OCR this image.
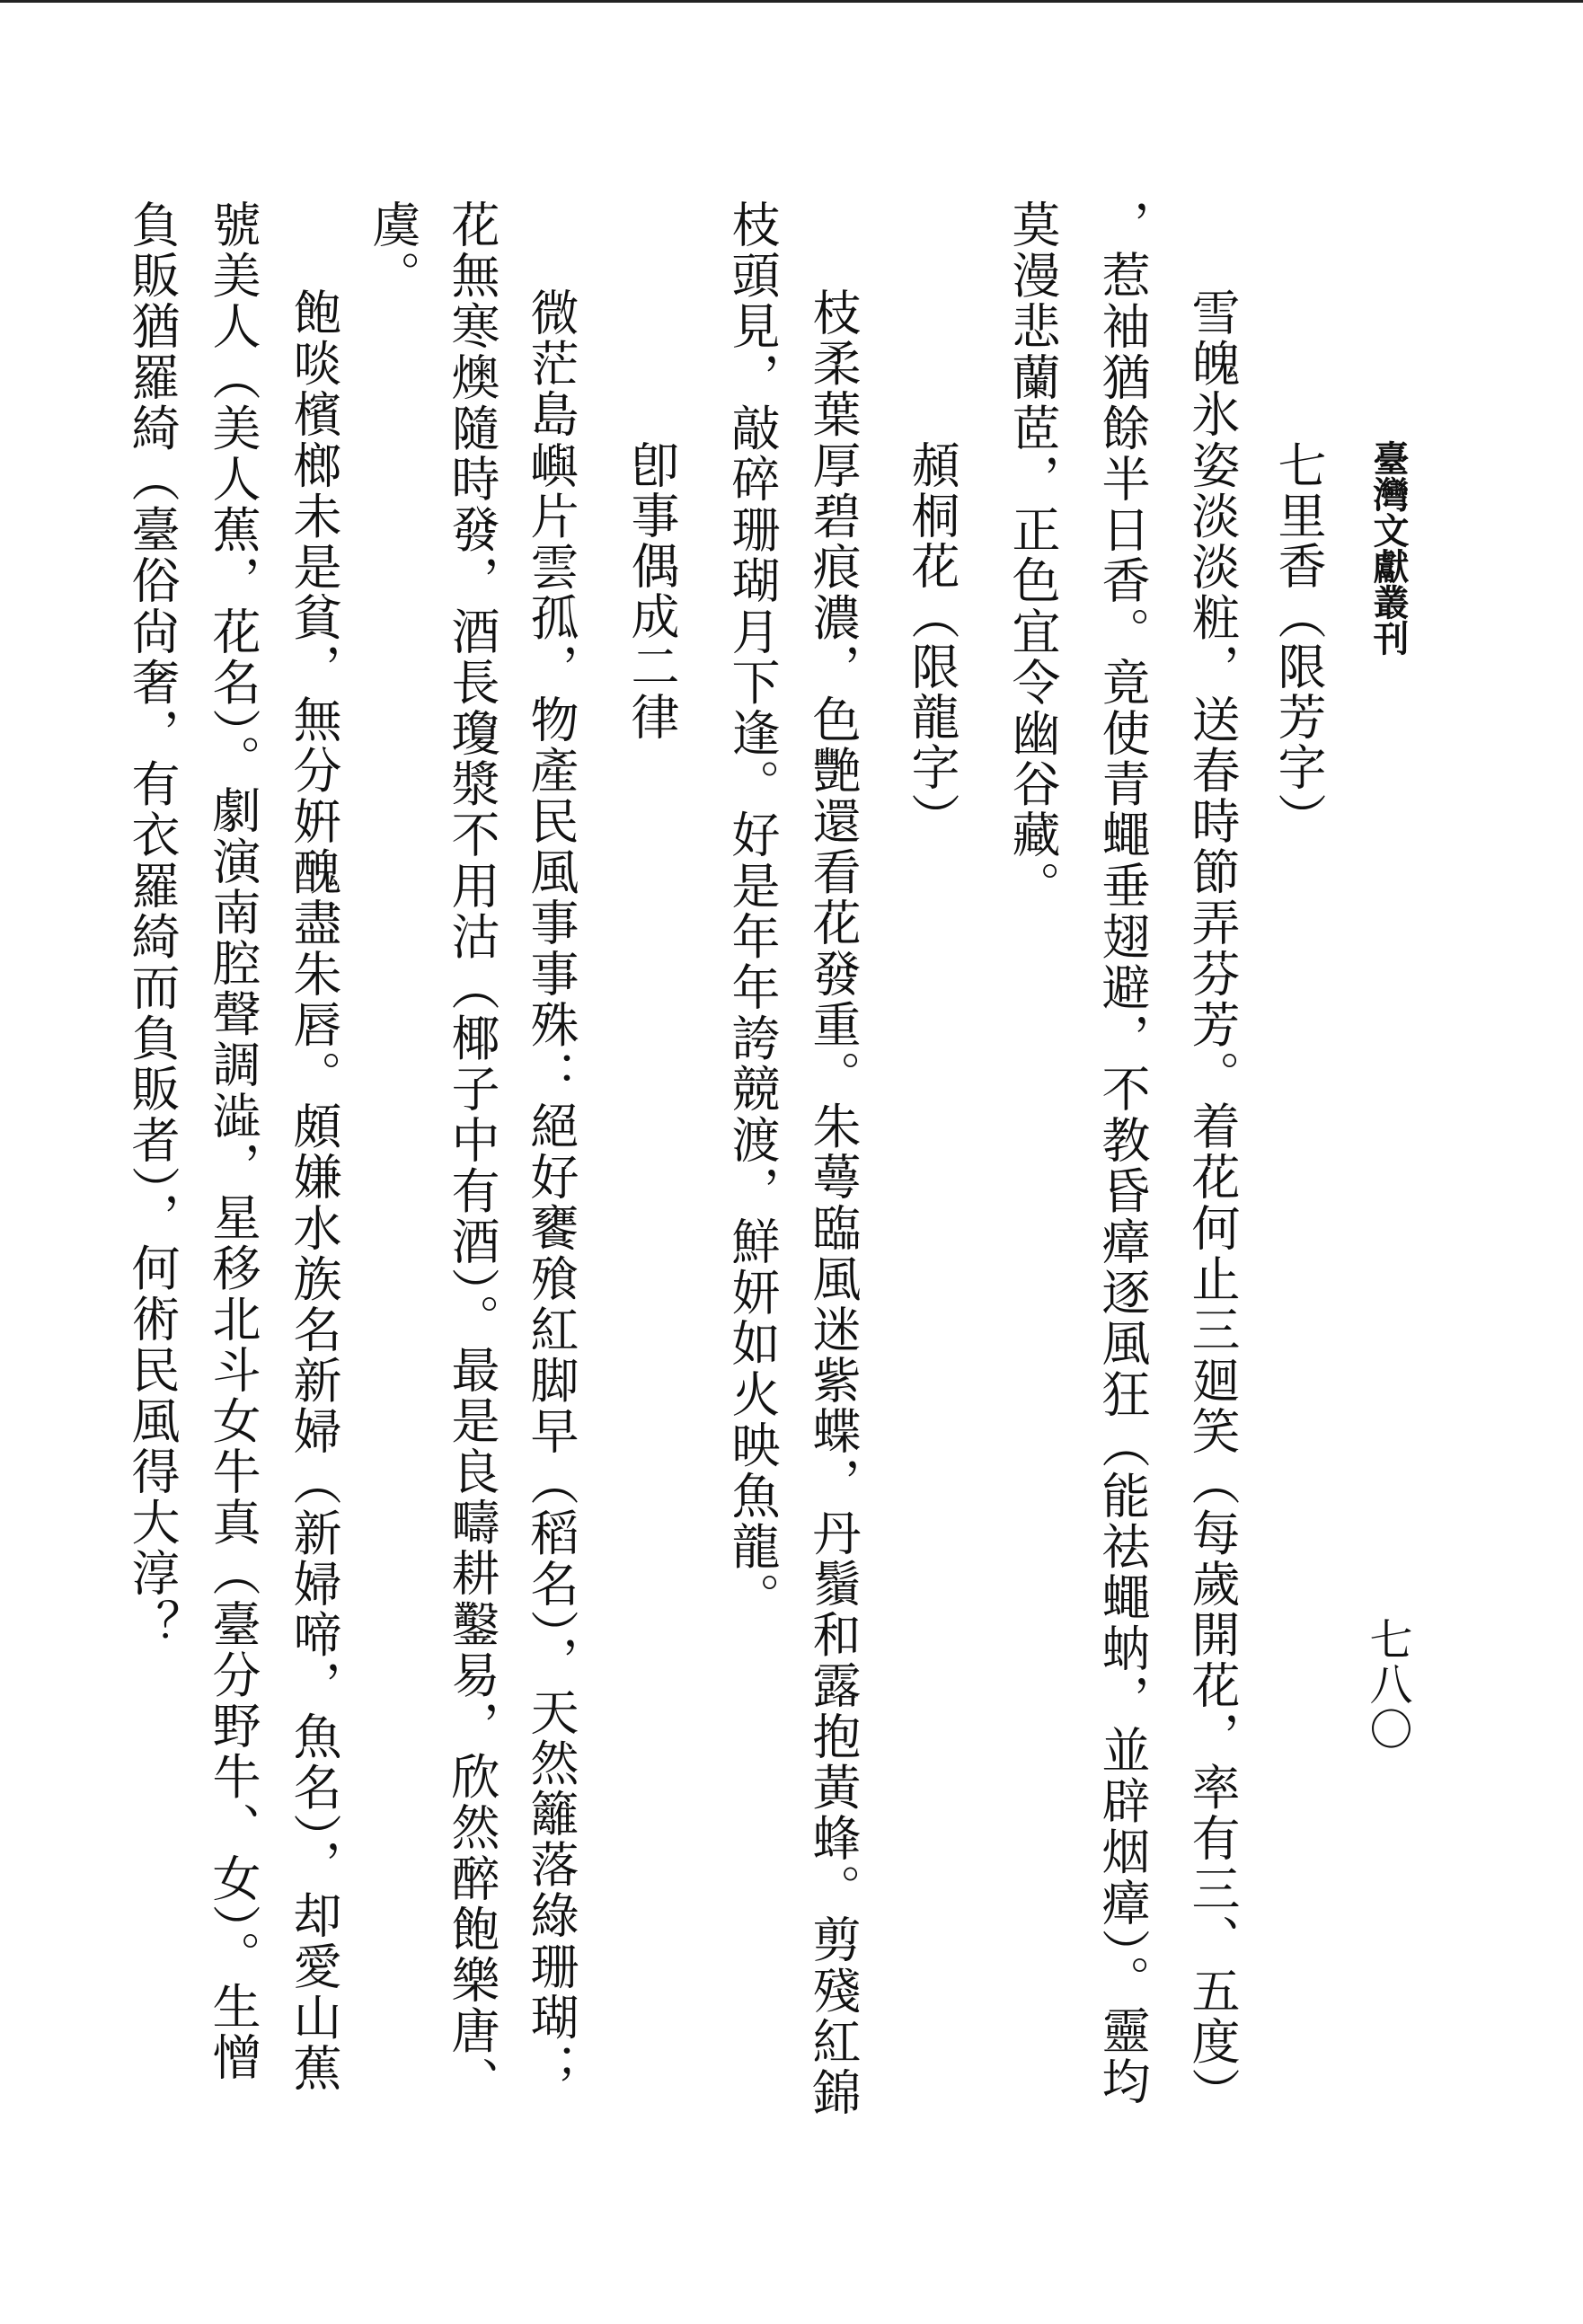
臺灣文獻叢刊
七八〇
七里香（限芳字）
雪魄氷姿淡淡粧，送春時節弄芬芳。着花何止三廻笑（每歲開花，率有三、五度）
，惹袖猶餘半日香。竟使青蠅垂翅避，不教昏瘴逐風狂（能祛蠅蚋，並辟烟瘴）。靈均
莫漫悲蘭茝，正色宜令幽谷藏。
頳桐花（限龍字）
枝柔葉厚碧痕濃，色艷還看花發重。朱蕚臨風迷紫蝶，丹鬚和露抱黃蜂。剪殘紅錦
枝頭見，敲碎珊瑚月下逢。好是年年誇競渡，鮮妍如火映魚龍。
卽事偶成二律
微茫島嶼片雲孤，物產民風事事殊：絕好饔飱紅脚早（稻名），天然籬落綠珊瑚；
花無寒燠隨時發，酒長瓊漿不用沽（椰子中有酒）。最是良疇耕鑿易，欣然醉飽樂唐、
虞。
飽啖檳榔未是貧，無分姸醜盡朱唇。頗嫌水族名新婦（新婦啼，魚名），却愛山蕉
號美人（美人蕉，花名）。劇演南腔聲調澁，星移北斗女牛真（臺分野牛、女）。生憎
負販猶羅綺（臺俗尙奢，有衣羅綺而負販者），何術民風得大淳？
